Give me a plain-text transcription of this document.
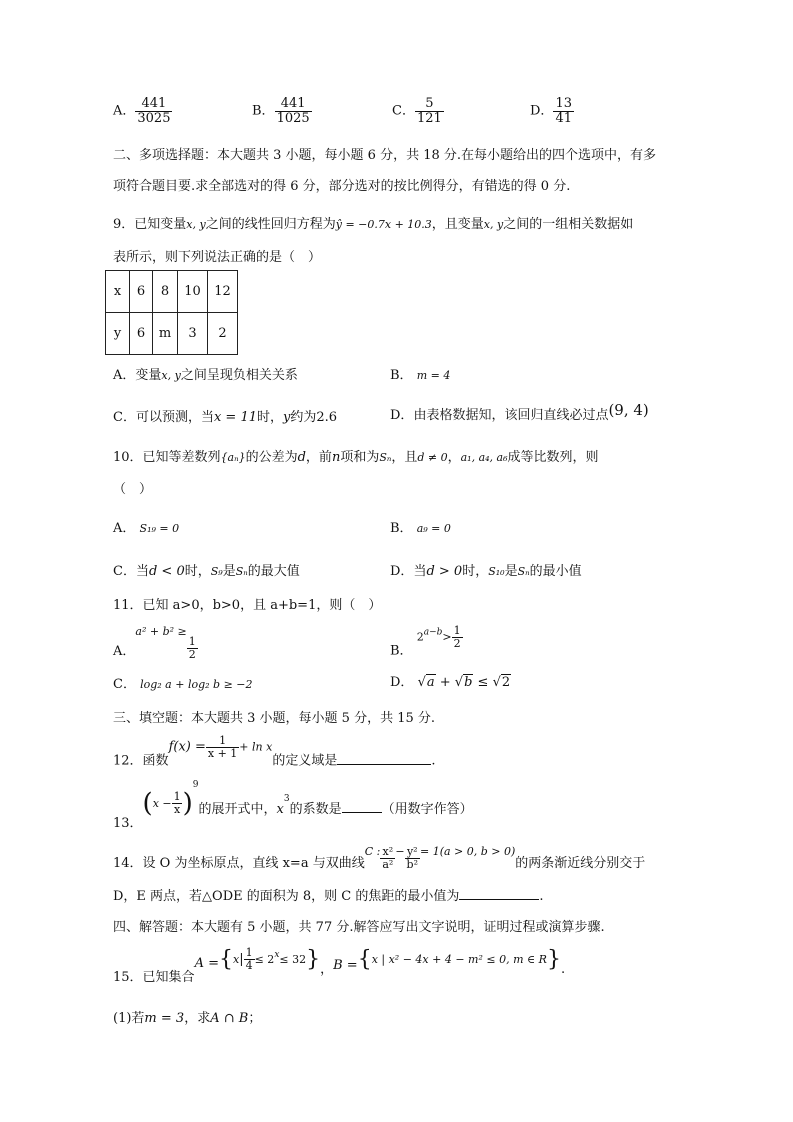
A． $\frac{441}{3025}$	B． $\frac{441}{1025}$	C． $\frac{5}{121}$	D． $\frac{13}{41}$
二、多项选择题：本大题共 3 小题，每小题 6 分，共 18 分.在每小题给出的四个选项中，有多
项符合题目要.求全部选对的得 6 分，部分选对的按比例得分，有错选的得 0 分.
9．已知变量x, y之间的线性回归方程为ŷ = −0.7x + 10.3，且变量x, y之间的一组相关数据如
表所示，则下列说法正确的是（　）
x	6	8	10	12
y	6	m	3	2
A．变量x, y之间呈现负相关关系	B． m = 4
C．可以预测，当x = 11时，y约为2.6	D．由表格数据知，该回归直线必过点(9, 4)
10．已知等差数列{aₙ}的公差为d，前n项和为Sₙ，且d ≠ 0，a₁, a₄, a₆成等比数列，则
（　）
A． S₁₉ = 0	B． a₉ = 0
C．当d < 0时，S₉是Sₙ的最大值	D．当d > 0时，S₁₀是Sₙ的最小值
11．已知 a>0，b>0，且 a+b=1，则（　）
A．$^{a^2 + b^2 \ge}$
$\frac{1}{2}$	B． $2^{a-b}> \frac{1}{2}$
C． log₂ a + log₂ b ≥ −2	D． √a + √b ≤ √2
三、填空题：本大题共 3 小题，每小题 5 分，共 15 分.
12．函数$f(x) = \frac{1}{x + 1} + \ln x$的定义域是	.
13．$(x - \frac{1}{x} )^9$的展开式中，$x^3$的系数是	（用数字作答）
14．设 O 为坐标原点，直线 x=a 与双曲线$^{C :} \frac{\text{x²}}{\text{a²}} ^- \frac{\text{y²}}{\text{b²}} ^{= 1(a > 0, b > 0)}$的两条渐近线分别交于
D，E 两点，若△ODE 的面积为 8，则 C 的焦距的最小值为	.
四、解答题：本大题有 5 小题，共 77 分.解答应写出文字说明，证明过程或演算步骤.
15．已知集合$A =\{x| \frac{1}{4} \le 2^x\le 32\}$，B ={x | x² − 4x + 4 − m² ≤ 0, m ∈ R}.
(1)若m = 3，求A ∩ B；
